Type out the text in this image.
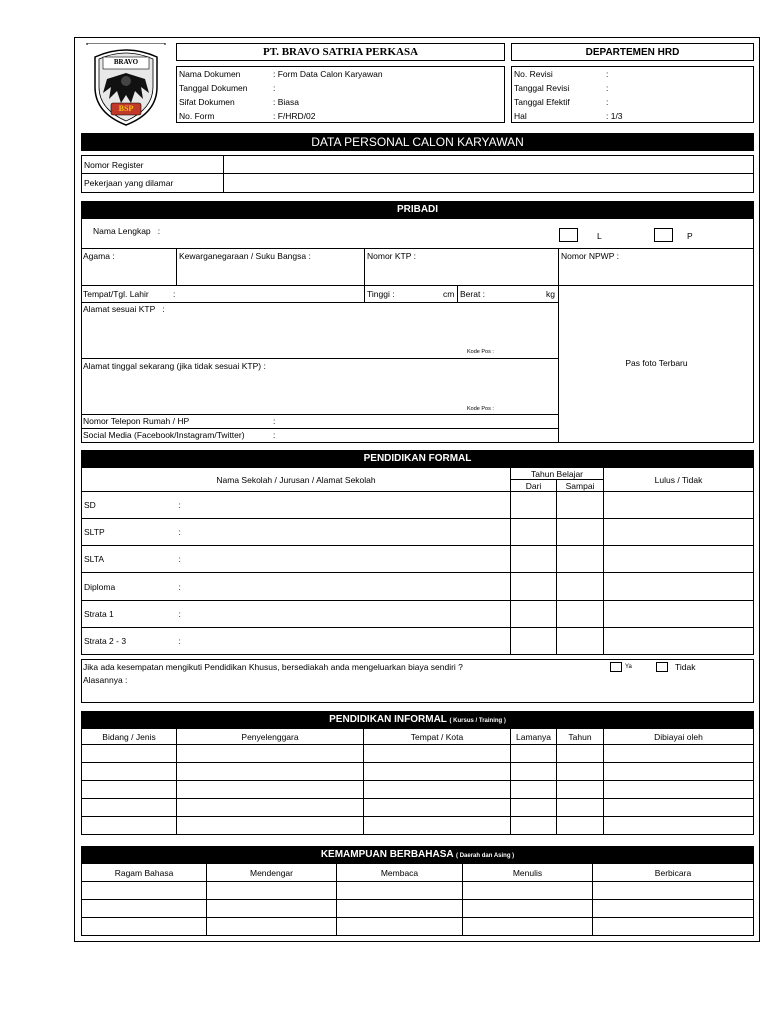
BRAVO
BSP
PT. BRAVO SATRIA PERKASA	DEPARTEMEN HRD
Nama Dokumen	: Form Data Calon Karyawan
Tanggal Dokumen	:
Sifat Dokumen	: Biasa
No. Form	: F/HRD/02
No. Revisi	:
Tanggal Revisi	:
Tanggal Efektif	:
Hal	: 1/3
DATA PERSONAL CALON KARYAWAN
Nomor Register	
Pekerjaan yang dilamar	
PRIBADI
Nama Lengkap   :	L	P
Agama :	Kewarganegaraan / Suku Bangsa :	Nomor KTP :	Nomor NPWP :
Tempat/Tgl. Lahir	:	Tinggi :	cm Berat :	kg
Pas foto Terbaru
Alamat sesuai KTP   :
Kode Pos :
Alamat tinggal sekarang (jika tidak sesuai KTP) :
Kode Pos :
Nomor Telepon Rumah / HP	:
Social Media (Facebook/Instagram/Twitter)	:
PENDIDIKAN FORMAL
Nama Sekolah / Jurusan / Alamat Sekolah		Tahun Belajar		Lulus / Tidak
		Dari	Sampai	
SD	:			
SLTP	:			
SLTA	:			
Diploma	:			
Strata 1	:			
Strata 2 - 3	:			
Jika ada kesempatan mengikuti Pendidikan Khusus, bersediakah anda mengeluarkan biaya sendiri ?	Ya	Tidak
Alasannya :
PENDIDIKAN INFORMAL ( Kursus / Training )
Bidang / Jenis	Penyelenggara	Tempat / Kota	Lamanya	Tahun	Dibiayai oleh

KEMAMPUAN BERBAHASA ( Daerah dan Asing )
Ragam Bahasa	Mendengar	Membaca	Menulis	Berbicara
